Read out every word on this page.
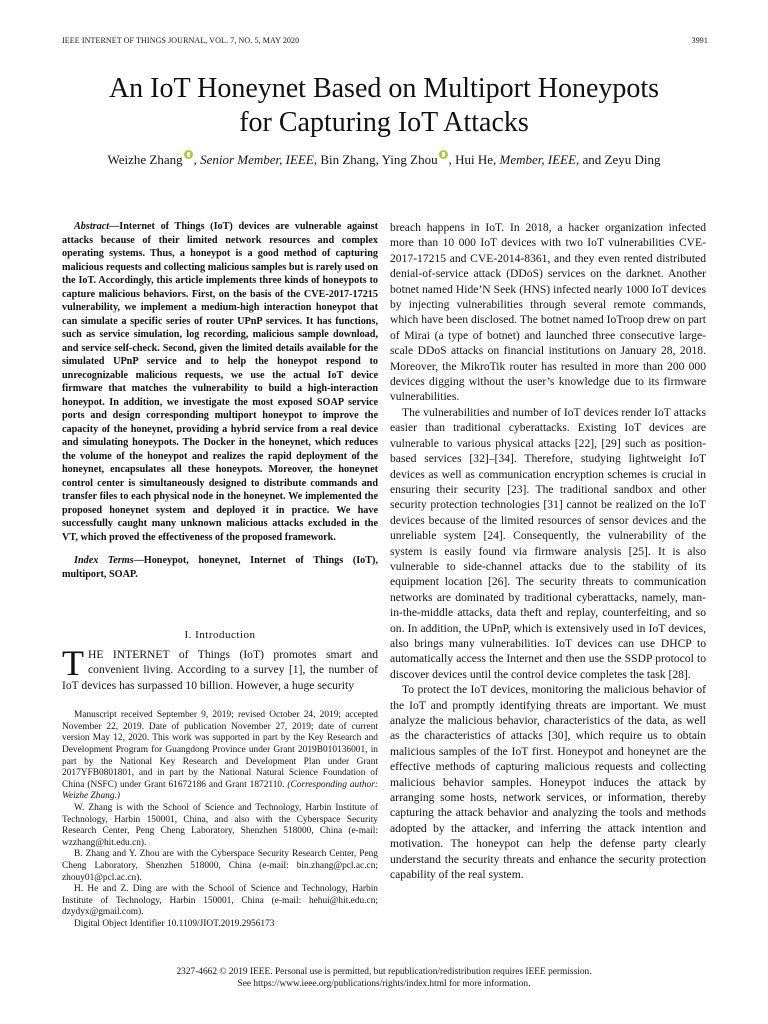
IEEE INTERNET OF THINGS JOURNAL, VOL. 7, NO. 5, MAY 2020	3991
An IoT Honeynet Based on Multiport Honeypots
for Capturing IoT Attacks
Weizhe Zhang , Senior Member, IEEE, Bin Zhang, Ying Zhou , Hui He, Member, IEEE, and Zeyu Ding

Abstract—Internet of Things (IoT) devices are vulnerable against attacks because of their limited network resources and complex operating systems. Thus, a honeypot is a good method of capturing malicious requests and collecting malicious samples but is rarely used on the IoT. Accordingly, this article implements three kinds of honeypots to capture malicious behaviors. First, on the basis of the CVE-2017-17215 vulnerability, we implement a medium-high interaction honeypot that can simulate a specific series of router UPnP services. It has functions, such as service simulation, log recording, malicious sample download, and service self-check. Second, given the limited details available for the simulated UPnP service and to help the honeypot respond to unrecognizable malicious requests, we use the actual IoT device firmware that matches the vulnerability to build a high-interaction honeypot. In addition, we investigate the most exposed SOAP service ports and design corresponding multiport honeypot to improve the capacity of the honeynet, providing a hybrid service from a real device and simulating honeypots. The Docker in the honeynet, which reduces the volume of the honeypot and realizes the rapid deployment of the honeynet, encapsulates all these honeypots. Moreover, the honeynet control center is simultaneously designed to distribute commands and transfer files to each physical node in the honeynet. We implemented the proposed honeynet system and deployed it in practice. We have successfully caught many unknown malicious attacks excluded in the VT, which proved the effectiveness of the proposed framework.

Index Terms—Honeypot, honeynet, Internet of Things (IoT), multiport, SOAP.

I. Introduction

THE INTERNET of Things (IoT) promotes smart and convenient living. According to a survey [1], the number of IoT devices has surpassed 10 billion. However, a huge security

Manuscript received September 9, 2019; revised October 24, 2019; accepted November 22, 2019. Date of publication November 27, 2019; date of current version May 12, 2020. This work was supported in part by the Key Research and Development Program for Guangdong Province under Grant 2019B010136001, in part by the National Key Research and Development Plan under Grant 2017YFB0801801, and in part by the National Natural Science Foundation of China (NSFC) under Grant 61672186 and Grant 1872110. (Corresponding author: Weizhe Zhang.)

W. Zhang is with the School of Science and Technology, Harbin Institute of Technology, Harbin 150001, China, and also with the Cyberspace Security Research Center, Peng Cheng Laboratory, Shenzhen 518000, China (e-mail: wzzhang@hit.edu.cn).

B. Zhang and Y. Zhou are with the Cyberspace Security Research Center, Peng Cheng Laboratory, Shenzhen 518000, China (e-mail: bin.zhang@pcl.ac.cn; zhouy01@pcl.ac.cn).

H. He and Z. Ding are with the School of Science and Technology, Harbin Institute of Technology, Harbin 150001, China (e-mail: hehui@hit.edu.cn; dzydyx@gmail.com).

Digital Object Identifier 10.1109/JIOT.2019.2956173

breach happens in IoT. In 2018, a hacker organization infected more than 10 000 IoT devices with two IoT vulnerabilities CVE-2017-17215 and CVE-2014-8361, and they even rented distributed denial-of-service attack (DDoS) services on the darknet. Another botnet named Hide’N Seek (HNS) infected nearly 1000 IoT devices by injecting vulnerabilities through several remote commands, which have been disclosed. The botnet named IoTroop drew on part of Mirai (a type of botnet) and launched three consecutive large-scale DDoS attacks on financial institutions on January 28, 2018. Moreover, the MikroTik router has resulted in more than 200 000 devices digging without the user’s knowledge due to its firmware vulnerabilities.

The vulnerabilities and number of IoT devices render IoT attacks easier than traditional cyberattacks. Existing IoT devices are vulnerable to various physical attacks [22], [29] such as position-based services [32]–[34]. Therefore, studying lightweight IoT devices as well as communication encryption schemes is crucial in ensuring their security [23]. The traditional sandbox and other security protection technologies [31] cannot be realized on the IoT devices because of the limited resources of sensor devices and the unreliable system [24]. Consequently, the vulnerability of the system is easily found via firmware analysis [25]. It is also vulnerable to side-channel attacks due to the stability of its equipment location [26]. The security threats to communication networks are dominated by traditional cyberattacks, namely, man-in-the-middle attacks, data theft and replay, counterfeiting, and so on. In addition, the UPnP, which is extensively used in IoT devices, also brings many vulnerabilities. IoT devices can use DHCP to automatically access the Internet and then use the SSDP protocol to discover devices until the control device completes the task [28].

To protect the IoT devices, monitoring the malicious behavior of the IoT and promptly identifying threats are important. We must analyze the malicious behavior, characteristics of the data, as well as the characteristics of attacks [30], which require us to obtain malicious samples of the IoT first. Honeypot and honeynet are the effective methods of capturing malicious requests and collecting malicious behavior samples. Honeypot induces the attack by arranging some hosts, network services, or information, thereby capturing the attack behavior and analyzing the tools and methods adopted by the attacker, and inferring the attack intention and motivation. The honeypot can help the defense party clearly understand the security threats and enhance the security protection capability of the real system.

2327-4662 © 2019 IEEE. Personal use is permitted, but republication/redistribution requires IEEE permission.
See https://www.ieee.org/publications/rights/index.html for more information.
